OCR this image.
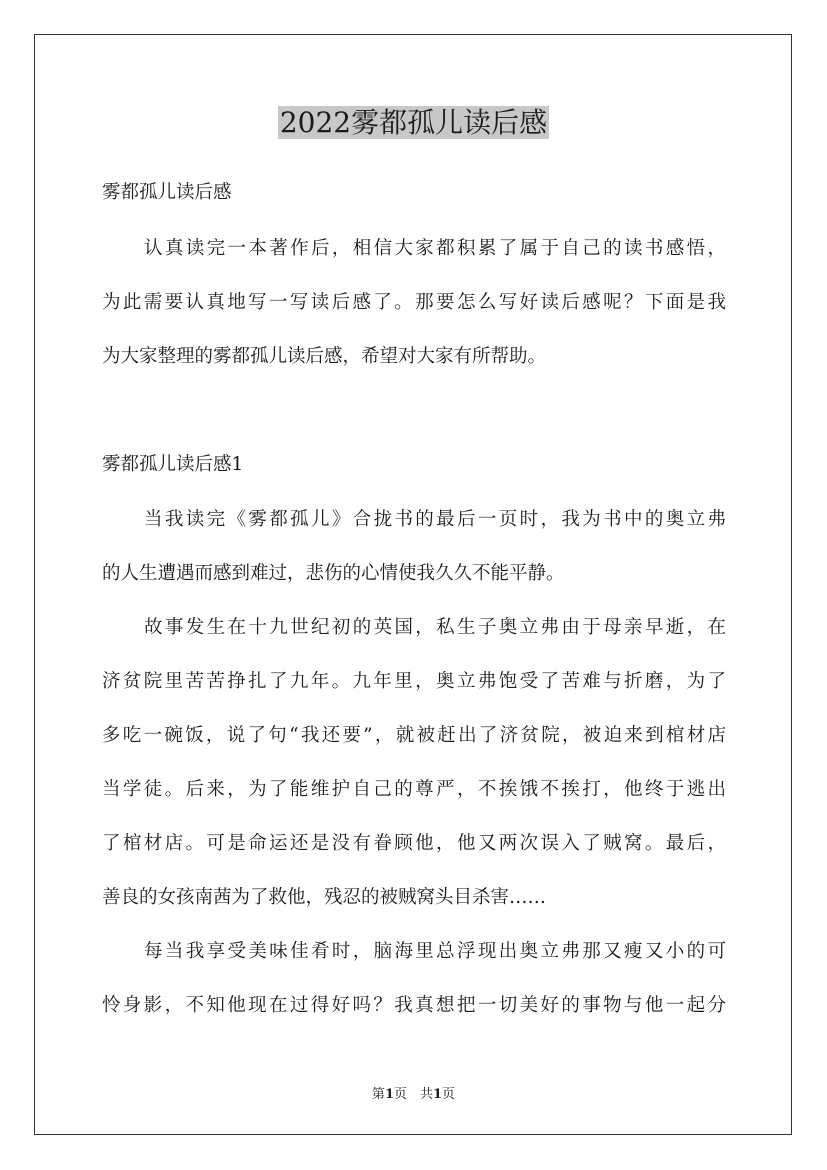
2022雾都孤儿读后感
雾都孤儿读后感
认真读完一本著作后，相信大家都积累了属于自己的读书感悟，
为此需要认真地写一写读后感了。那要怎么写好读后感呢？下面是我
为大家整理的雾都孤儿读后感，希望对大家有所帮助。
雾都孤儿读后感1
当我读完《雾都孤儿》合拢书的最后一页时，我为书中的奥立弗
的人生遭遇而感到难过，悲伤的心情使我久久不能平静。
故事发生在十九世纪初的英国，私生子奥立弗由于母亲早逝，在
济贫院里苦苦挣扎了九年。九年里，奥立弗饱受了苦难与折磨，为了
多吃一碗饭，说了句“我还要”，就被赶出了济贫院，被迫来到棺材店
当学徒。后来，为了能维护自己的尊严，不挨饿不挨打，他终于逃出
了棺材店。可是命运还是没有眷顾他，他又两次误入了贼窝。最后，
善良的女孩南茜为了救他，残忍的被贼窝头目杀害……
每当我享受美味佳肴时，脑海里总浮现出奥立弗那又瘦又小的可
怜身影，不知他现在过得好吗？我真想把一切美好的事物与他一起分
第1页　共1页
